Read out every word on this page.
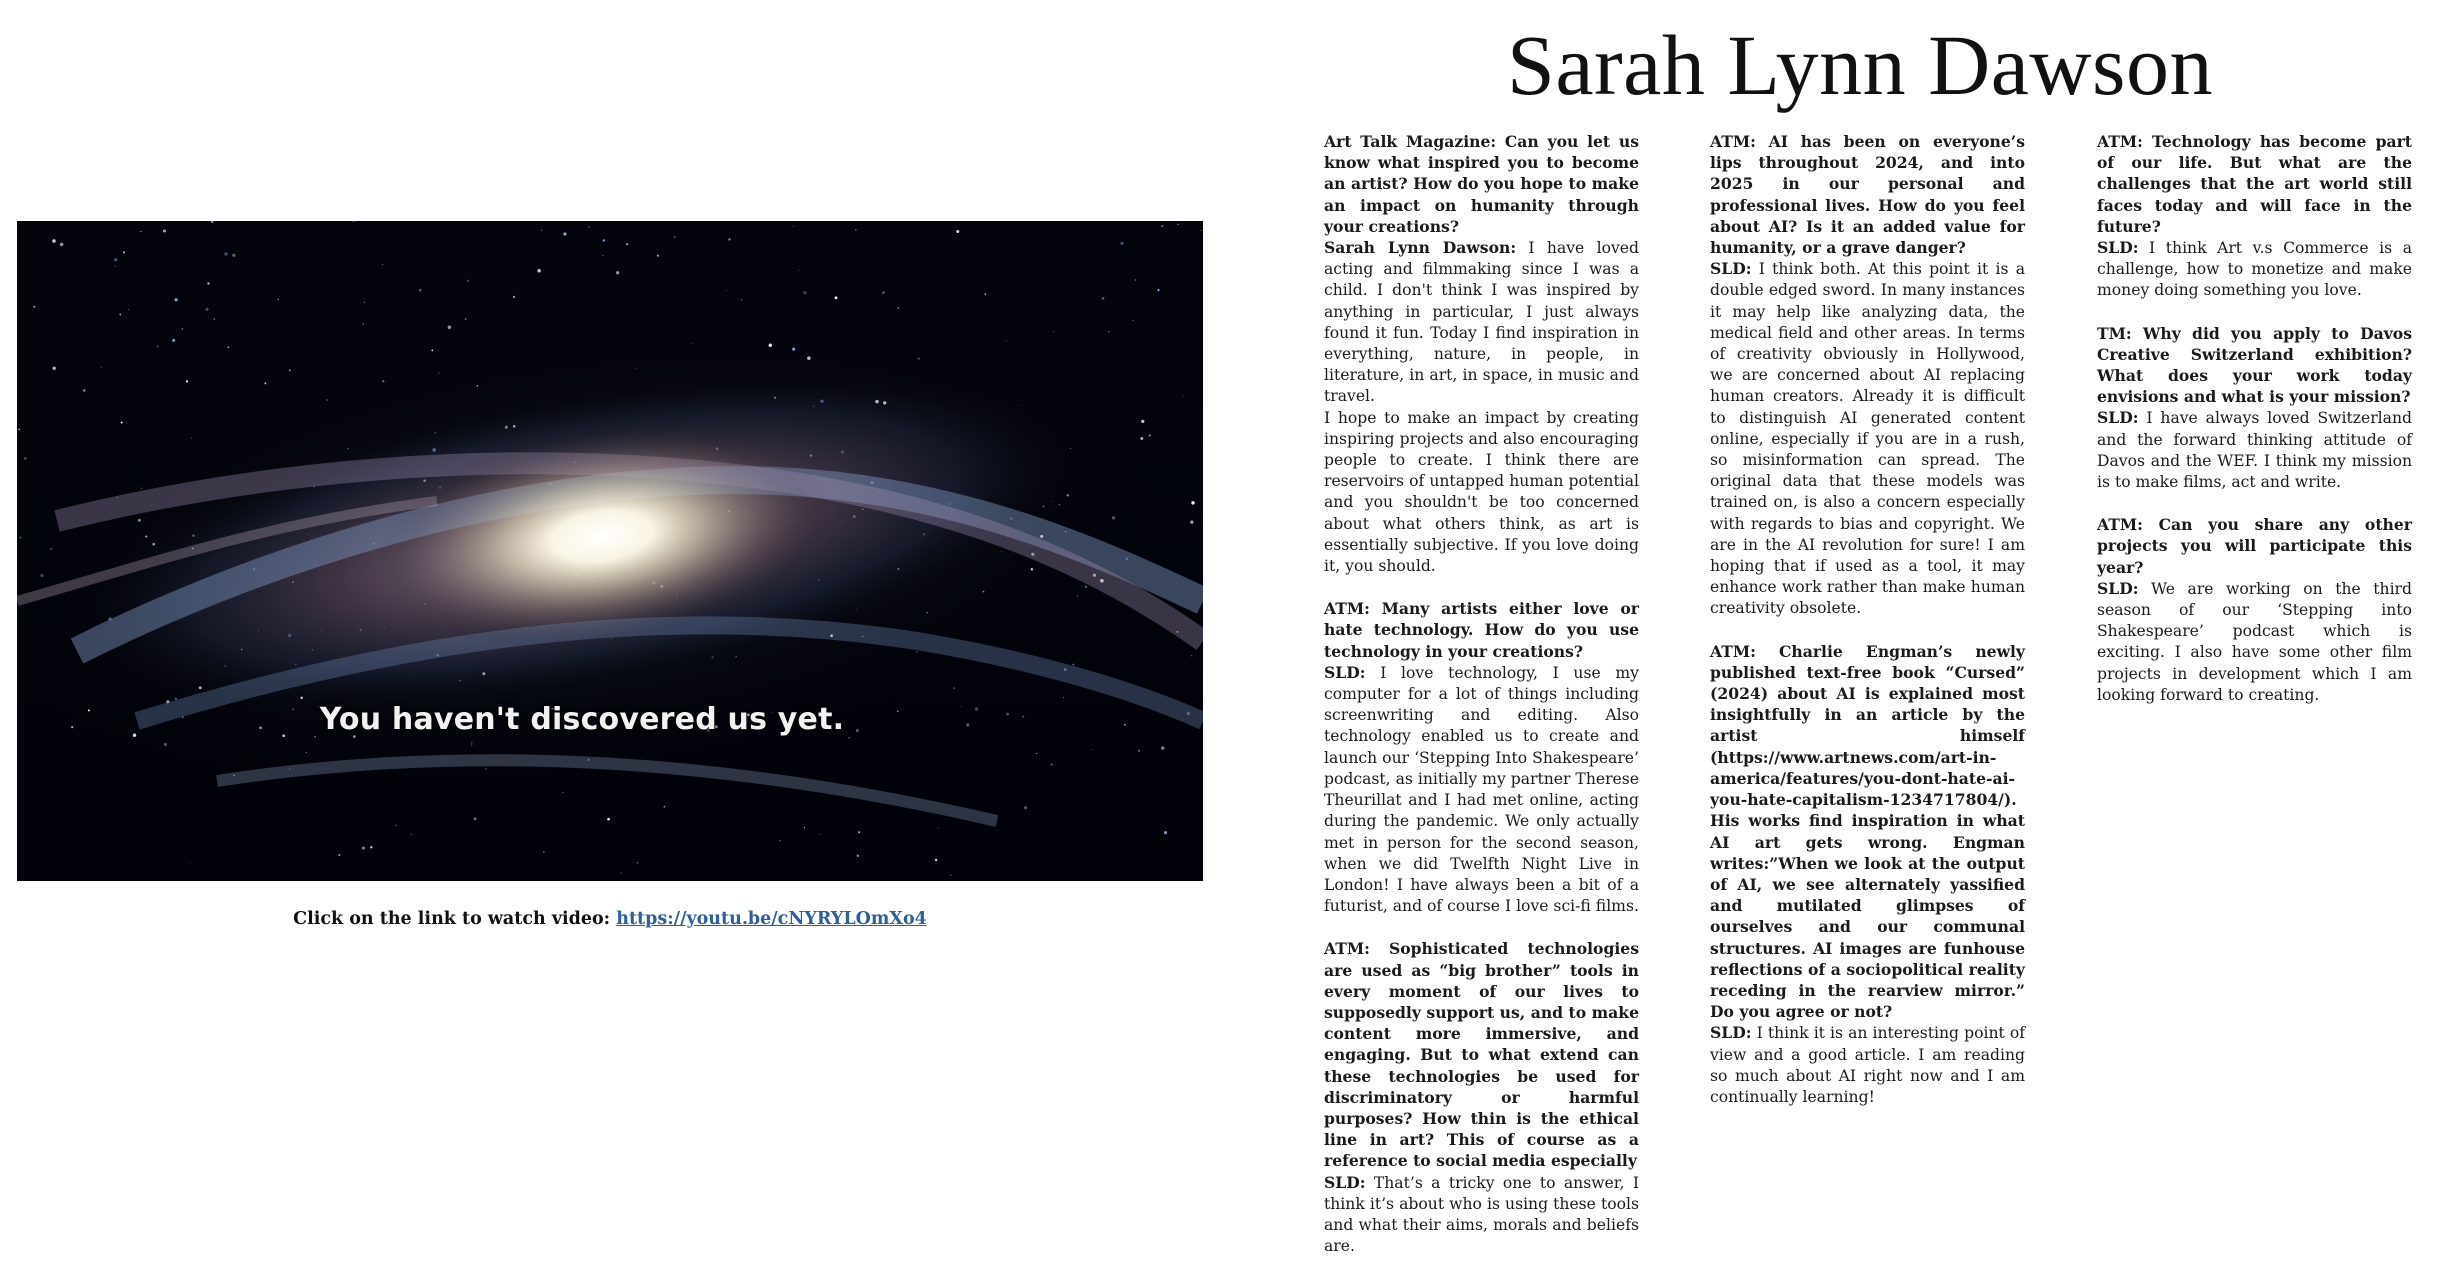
You haven't discovered us yet.
Click on the link to watch video: https://youtu.be/cNYRYLOmXo4
Sarah Lynn Dawson
Art Talk Magazine: Can you let us know what inspired you to become an artist? How do you hope to make an impact on humanity through your creations?

Sarah Lynn Dawson: I have loved acting and filmmaking since I was a child. I don't think I was inspired by anything in particular, I just always found it fun. Today I find inspiration in everything, nature, in people, in literature, in art, in space, in music and travel.

I hope to make an impact by creating inspiring projects and also encouraging people to create. I think there are reservoirs of untapped human potential and you shouldn't be too concerned about what others think, as art is essentially subjective. If you love doing it, you should.

ATM: Many artists either love or hate technology. How do you use technology in your creations?

SLD: I love technology, I use my computer for a lot of things including screenwriting and editing. Also technology enabled us to create and launch our ‘Stepping Into Shakespeare’ podcast, as initially my partner Therese Theurillat and I had met online, acting during the pandemic. We only actually met in person for the second season, when we did Twelfth Night Live in London! I have always been a bit of a futurist, and of course I love sci-fi films.

ATM: Sophisticated technologies are used as “big brother” tools in every moment of our lives to supposedly support us, and to make content more immersive, and engaging. But to what extend can these technologies be used for discriminatory or harmful purposes? How thin is the ethical line in art? This of course as a reference to social media especially

SLD: That’s a tricky one to answer, I think it’s about who is using these tools and what their aims, morals and beliefs are.

ATM: AI has been on everyone’s lips throughout 2024, and into 2025 in our personal and professional lives. How do you feel about AI? Is it an added value for humanity, or a grave danger?

SLD: I think both. At this point it is a double edged sword. In many instances it may help like analyzing data, the medical field and other areas. In terms of creativity obviously in Hollywood, we are concerned about AI replacing human creators. Already it is difficult to distinguish AI generated content online, especially if you are in a rush, so misinformation can spread. The original data that these models was trained on, is also a concern especially with regards to bias and copyright. We are in the AI revolution for sure! I am hoping that if used as a tool, it may enhance work rather than make human creativity obsolete.

ATM: Charlie Engman’s newly published text-free book “Cursed” (2024) about AI is explained most insightfully in an article by the artist himself (https://www.artnews.com/art-in-america/features/you-dont-hate-ai-you-hate-capitalism-1234717804/). His works find inspiration in what AI art gets wrong. Engman writes:”When we look at the output of AI, we see alternately yassified and mutilated glimpses of ourselves and our communal structures. AI images are funhouse reflections of a sociopolitical reality receding in the rearview mirror.” Do you agree or not?

SLD: I think it is an interesting point of view and a good article. I am reading so much about AI right now and I am continually learning!

ATM: Technology has become part of our life. But what are the challenges that the art world still faces today and will face in the future?

SLD: I think Art v.s Commerce is a challenge, how to monetize and make money doing something you love.

TM: Why did you apply to Davos Creative Switzerland exhibition? What does your work today envisions and what is your mission?

SLD: I have always loved Switzerland and the forward thinking attitude of Davos and the WEF. I think my mission is to make films, act and write.

ATM: Can you share any other projects you will participate this year?

SLD: We are working on the third season of our ‘Stepping into Shakespeare’ podcast which is exciting. I also have some other film projects in development which I am looking forward to creating.
